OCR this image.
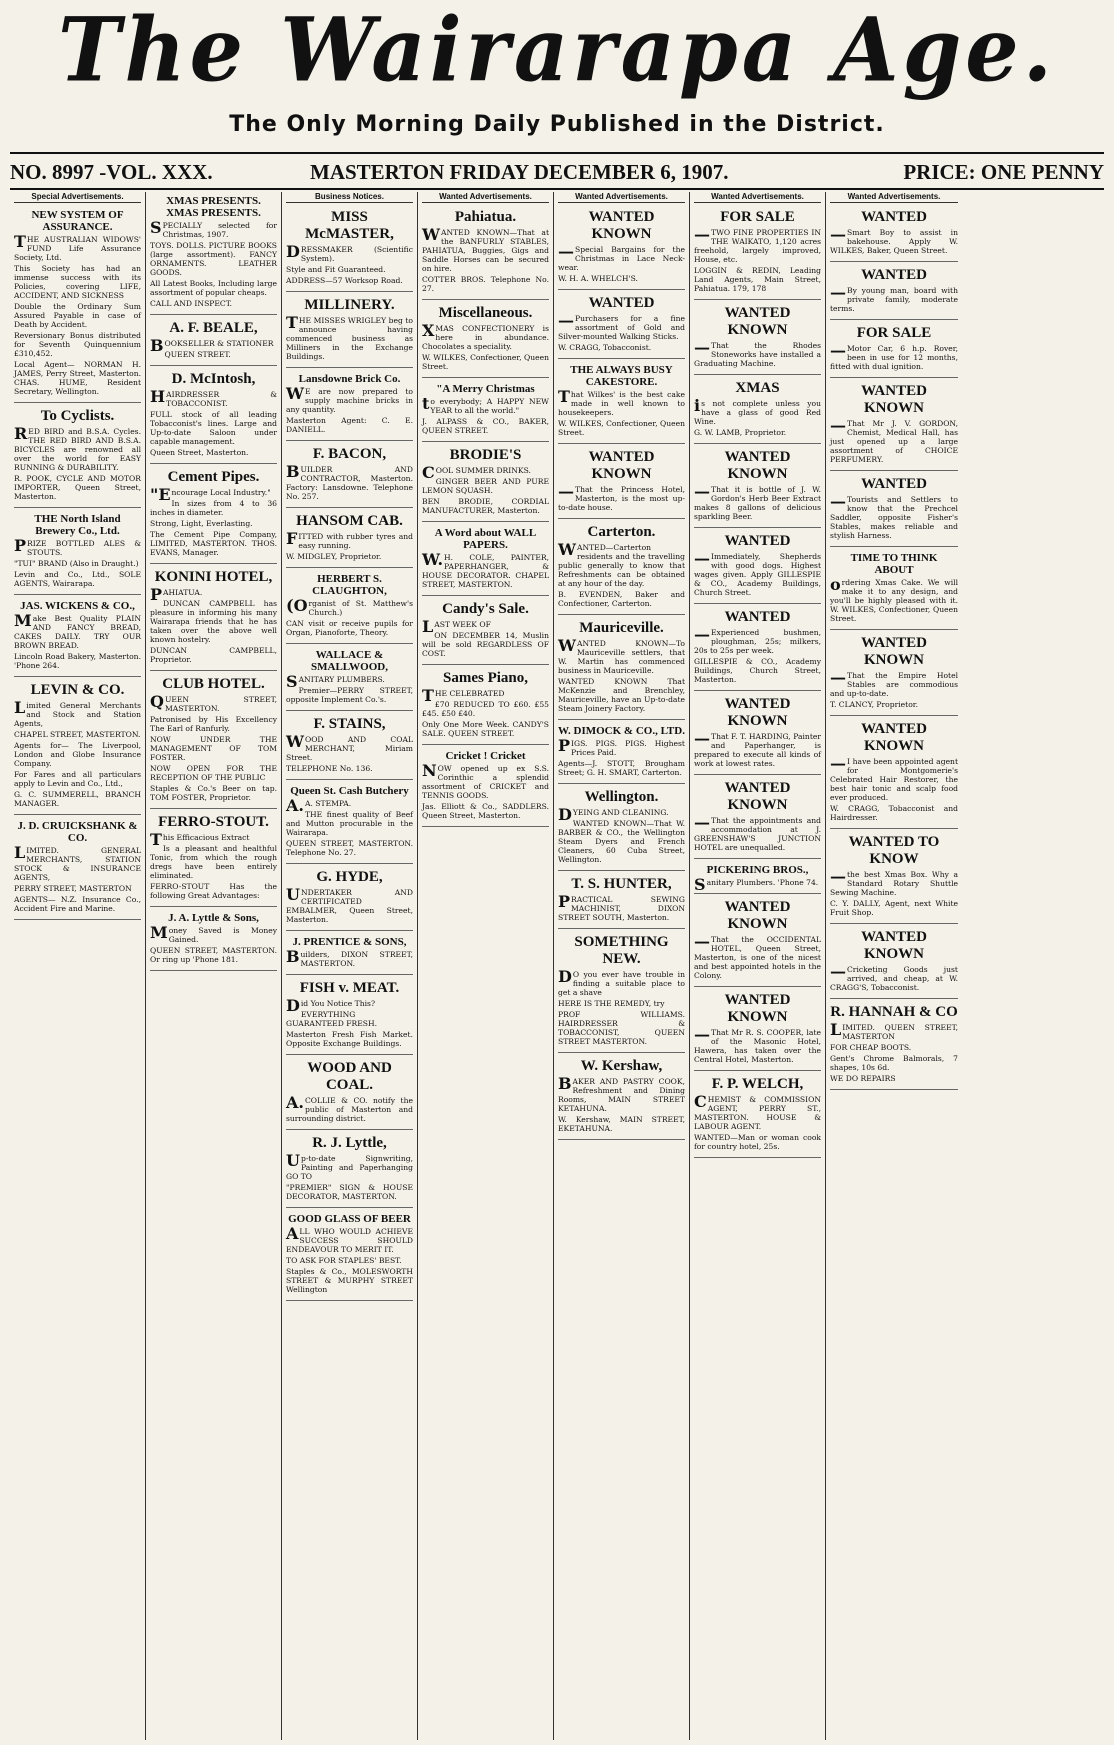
The Wairarapa Age.
The Only Morning Daily Published in the District.
NO. 8997 -VOL. XXX.	MASTERTON FRIDAY DECEMBER 6, 1907.	PRICE: ONE PENNY
Special Advertisements.
NEW SYSTEM OF ASSURANCE.

THE AUSTRALIAN WIDOWS' FUND Life Assurance Society, Ltd.

This Society has had an immense success with its Policies, covering LIFE, ACCIDENT, AND SICKNESS

Double the Ordinary Sum Assured Payable in case of Death by Accident.

Reversionary Bonus distributed for Seventh Quinquennium £310,452.

Local Agent— NORMAN H. JAMES, Perry Street, Masterton. CHAS. HUME, Resident Secretary, Wellington.

To Cyclists.

RED BIRD and B.S.A. Cycles. THE RED BIRD AND B.S.A. BICYCLES are renowned all over the world for EASY RUNNING & DURABILITY.

R. POOK, CYCLE AND MOTOR IMPORTER, Queen Street, Masterton.

THE North Island Brewery Co., Ltd.

PRIZE BOTTLED ALES & STOUTS.

"TUI" BRAND (Also in Draught.)

Levin and Co., Ltd., SOLE AGENTS, Wairarapa.

JAS. WICKENS & CO.,

Make Best Quality PLAIN AND FANCY BREAD, CAKES DAILY. TRY OUR BROWN BREAD.

Lincoln Road Bakery, Masterton. 'Phone 264.

LEVIN & CO.

Limited General Merchants and Stock and Station Agents,

CHAPEL STREET, MASTERTON.

Agents for— The Liverpool, London and Globe Insurance Company.

For Fares and all particulars apply to Levin and Co., Ltd.,

G. C. SUMMERELL, BRANCH MANAGER.

J. D. CRUICKSHANK & CO.

LIMITED. GENERAL MERCHANTS, STATION STOCK & INSURANCE AGENTS,

PERRY STREET, MASTERTON

AGENTS— N.Z. Insurance Co., Accident Fire and Marine.

XMAS PRESENTS. XMAS PRESENTS.

SPECIALLY selected for Christmas, 1907.

TOYS. DOLLS. PICTURE BOOKS (large assortment). FANCY ORNAMENTS. LEATHER GOODS.

All Latest Books, Including large assortment of popular cheaps.

CALL AND INSPECT.

A. F. BEALE,

BOOKSELLER & STATIONER

QUEEN STREET.

D. McIntosh,

HAIRDRESSER & TOBACCONIST.

FULL stock of all leading Tobacconist's lines. Large and Up-to-date Saloon under capable management.

Queen Street, Masterton.

Cement Pipes.

"Encourage Local Industry."

In sizes from 4 to 36 inches in diameter.

Strong, Light, Everlasting.

The Cement Pipe Company, LIMITED, MASTERTON. THOS. EVANS, Manager.

KONINI HOTEL,

PAHIATUA.

DUNCAN CAMPBELL has pleasure in informing his many Wairarapa friends that he has taken over the above well known hostelry.

DUNCAN CAMPBELL, Proprietor.

CLUB HOTEL.

QUEEN STREET, MASTERTON.

Patronised by His Excellency The Earl of Ranfurly.

NOW UNDER THE MANAGEMENT OF TOM FOSTER.

NOW OPEN FOR THE RECEPTION OF THE PUBLIC

Staples & Co.'s Beer on tap. TOM FOSTER, Proprietor.

FERRO-STOUT.

This Efficacious Extract

Is a pleasant and healthful Tonic, from which the rough dregs have been entirely eliminated.

FERRO-STOUT Has the following Great Advantages:

J. A. Lyttle & Sons,

Money Saved is Money Gained.

QUEEN STREET, MASTERTON. Or ring up 'Phone 181.

Business Notices.
MISS McMASTER,

DRESSMAKER (Scientific System).

Style and Fit Guaranteed.

ADDRESS—57 Worksop Road.

MILLINERY.

THE MISSES WRIGLEY beg to announce having commenced business as Milliners in the Exchange Buildings.

Lansdowne Brick Co.

WE are now prepared to supply machine bricks in any quantity.

Masterton Agent: C. E. DANIELL.

F. BACON,

BUILDER AND CONTRACTOR, Masterton. Factory: Lansdowne. Telephone No. 257.

HANSOM CAB.

FITTED with rubber tyres and easy running.

W. MIDGLEY, Proprietor.

HERBERT S. CLAUGHTON,

(Organist of St. Matthew's Church.)

CAN visit or receive pupils for Organ, Pianoforte, Theory.

WALLACE & SMALLWOOD,

SANITARY PLUMBERS.

Premier—PERRY STREET, opposite Implement Co.'s.

F. STAINS,

WOOD AND COAL MERCHANT, Miriam Street.

TELEPHONE No. 136.

Queen St. Cash Butchery

A.A. STEMPA.

THE finest quality of Beef and Mutton procurable in the Wairarapa.

QUEEN STREET, MASTERTON. Telephone No. 27.

G. HYDE,

UNDERTAKER AND CERTIFICATED EMBALMER, Queen Street, Masterton.

J. PRENTICE & SONS,

Builders, DIXON STREET, MASTERTON.

FISH v. MEAT.

Did You Notice This?

EVERYTHING GUARANTEED FRESH.

Masterton Fresh Fish Market. Opposite Exchange Buildings.

WOOD AND COAL.

A.COLLIE & CO. notify the public of Masterton and surrounding district.

R. J. Lyttle,

Up-to-date Signwriting, Painting and Paperhanging GO TO

"PREMIER" SIGN & HOUSE DECORATOR, MASTERTON.

GOOD GLASS OF BEER

ALL WHO WOULD ACHIEVE SUCCESS SHOULD ENDEAVOUR TO MERIT IT.

TO ASK FOR STAPLES' BEST.

Staples & Co., MOLESWORTH STREET & MURPHY STREET Wellington

Wanted Advertisements.
Pahiatua.

WANTED KNOWN—That at the BANFURLY STABLES, PAHIATUA, Buggies, Gigs and Saddle Horses can be secured on hire.

COTTER BROS. Telephone No. 27.

Miscellaneous.

XMAS CONFECTIONERY is here in abundance. Chocolates a speciality.

W. WILKES, Confectioner, Queen Street.

"A Merry Christmas

to everybody; A HAPPY NEW YEAR to all the world."

J. ALPASS & CO., BAKER, QUEEN STREET.

BRODIE'S

COOL SUMMER DRINKS.

GINGER BEER AND PURE LEMON SQUASH.

BEN BRODIE, CORDIAL MANUFACTURER, Masterton.

A Word about WALL PAPERS.

W.H. COLE, PAINTER, PAPERHANGER, & HOUSE DECORATOR. CHAPEL STREET, MASTERTON.

Candy's Sale.

LAST WEEK OF

ON DECEMBER 14, Muslin will be sold REGARDLESS OF COST.

Sames Piano,

THE CELEBRATED

£70 REDUCED TO £60. £55 £45. £50 £40.

Only One More Week. CANDY'S SALE. QUEEN STREET.

Cricket ! Cricket

NOW opened up ex S.S. Corinthic a splendid assortment of CRICKET and TENNIS GOODS.

Jas. Elliott & Co., SADDLERS. Queen Street, Masterton.

Wanted Advertisements.
WANTED KNOWN

—Special Bargains for the Christmas in Lace Neck-wear.

W. H. A. WHELCH'S.

WANTED

—Purchasers for a fine assortment of Gold and Silver-mounted Walking Sticks.

W. CRAGG, Tobacconist.

THE ALWAYS BUSY CAKESTORE.

That Wilkes' is the best cake made in well known to housekeepers.

W. WILKES, Confectioner, Queen Street.

WANTED KNOWN

—That the Princess Hotel, Masterton, is the most up-to-date house.

Carterton.

WANTED—Carterton residents and the travelling public generally to know that Refreshments can be obtained at any hour of the day.

B. EVENDEN, Baker and Confectioner, Carterton.

Mauriceville.

WANTED KNOWN—To Mauriceville settlers, that W. Martin has commenced business in Mauriceville.

WANTED KNOWN That McKenzie and Brenchley, Mauriceville, have an Up-to-date Steam Joinery Factory.

W. DIMOCK & CO., LTD.

PIGS. PIGS. PIGS. Highest Prices Paid.

Agents—J. STOTT, Brougham Street; G. H. SMART, Carterton.

Wellington.

DYEING AND CLEANING.

WANTED KNOWN—That W. BARBER & CO., the Wellington Steam Dyers and French Cleaners, 60 Cuba Street, Wellington.

T. S. HUNTER,

PRACTICAL SEWING MACHINIST, DIXON STREET SOUTH, Masterton.

SOMETHING NEW.

DO you ever have trouble in finding a suitable place to get a shave

HERE IS THE REMEDY, try

PROF WILLIAMS. HAIRDRESSER & TOBACCONIST, QUEEN STREET MASTERTON.

W. Kershaw,

BAKER AND PASTRY COOK, Refreshment and Dining Rooms, MAIN STREET KETAHUNA.

W. Kershaw, MAIN STREET, EKETAHUNA.

Wanted Advertisements.
FOR SALE

—TWO FINE PROPERTIES IN THE WAIKATO, 1,120 acres freehold, largely improved, House, etc.

LOGGIN & REDIN, Leading Land Agents, Main Street, Pahiatua. 179, 178

WANTED KNOWN

—That the Rhodes Stoneworks have installed a Graduating Machine.

XMAS

is not complete unless you have a glass of good Red Wine.

G. W. LAMB, Proprietor.

WANTED KNOWN

—That it is bottle of J. W. Gordon's Herb Beer Extract makes 8 gallons of delicious sparkling Beer.

WANTED

—Immediately, Shepherds with good dogs. Highest wages given. Apply GILLESPIE & CO., Academy Buildings, Church Street.

WANTED

—Experienced bushmen, ploughman, 25s; milkers, 20s to 25s per week.

GILLESPIE & CO., Academy Buildings, Church Street, Masterton.

WANTED KNOWN

—That F. T. HARDING, Painter and Paperhanger, is prepared to execute all kinds of work at lowest rates.

WANTED KNOWN

—That the appointments and accommodation at J. GREENSHAW'S JUNCTION HOTEL are unequalled.

PICKERING BROS.,

Sanitary Plumbers. 'Phone 74.

WANTED KNOWN

—That the OCCIDENTAL HOTEL, Queen Street, Masterton, is one of the nicest and best appointed hotels in the Colony.

WANTED KNOWN

—That Mr R. S. COOPER, late of the Masonic Hotel, Hawera, has taken over the Central Hotel, Masterton.

F. P. WELCH,

CHEMIST & COMMISSION AGENT, PERRY ST., MASTERTON. HOUSE & LABOUR AGENT.

WANTED—Man or woman cook for country hotel, 25s.

Wanted Advertisements.
WANTED

—Smart Boy to assist in bakehouse. Apply W. WILKES, Baker, Queen Street.

WANTED

—By young man, board with private family, moderate terms.

FOR SALE

—Motor Car, 6 h.p. Rover, been in use for 12 months, fitted with dual ignition.

WANTED KNOWN

—That Mr J. V. GORDON, Chemist, Medical Hall, has just opened up a large assortment of CHOICE PERFUMERY.

WANTED

—Tourists and Settlers to know that the Prechcel Saddler, opposite Fisher's Stables, makes reliable and stylish Harness.

TIME TO THINK ABOUT

ordering Xmas Cake. We will make it to any design, and you'll be highly pleased with it. W. WILKES, Confectioner, Queen Street.

WANTED KNOWN

—That the Empire Hotel Stables are commodious and up-to-date.

T. CLANCY, Proprietor.

WANTED KNOWN

—I have been appointed agent for Montgomerie's Celebrated Hair Restorer, the best hair tonic and scalp food ever produced.

W. CRAGG, Tobacconist and Hairdresser.

WANTED TO KNOW

—the best Xmas Box. Why a Standard Rotary Shuttle Sewing Machine.

C. Y. DALLY, Agent, next White Fruit Shop.

WANTED KNOWN

—Cricketing Goods just arrived, and cheap, at W. CRAGG'S, Tobacconist.

R. HANNAH & CO

LIMITED. QUEEN STREET, MASTERTON

FOR CHEAP BOOTS.

Gent's Chrome Balmorals, 7 shapes, 10s 6d.

WE DO REPAIRS
